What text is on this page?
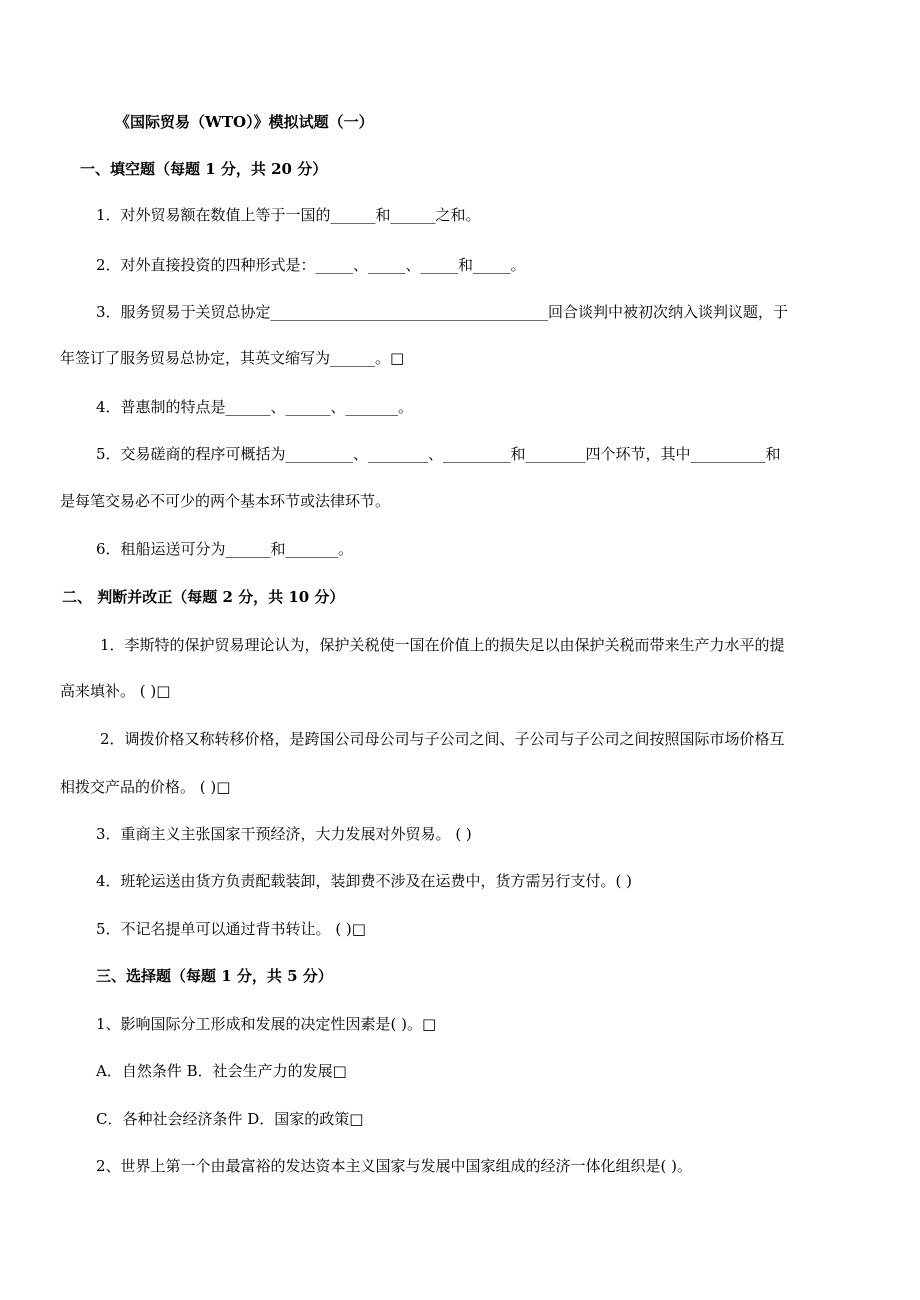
《国际贸易（WTO）》模拟试题（一）
一、填空题（每题 1 分，共 20 分）
1．对外贸易额在数值上等于一国的______和______之和。
2．对外直接投资的四种形式是：_____、_____、_____和_____。
3．服务贸易于关贸总协定_____________________________________回合谈判中被初次纳入谈判议题，于
年签订了服务贸易总协定，其英文缩写为______。□
4．普惠制的特点是______、______、_______。
5．交易磋商的程序可概括为_________、________、_________和________四个环节，其中__________和
是每笔交易必不可少的两个基本环节或法律环节。
6．租船运送可分为______和_______。
二、 判断并改正（每题 2 分，共 10 分）
1．李斯特的保护贸易理论认为，保护关税使一国在价值上的损失足以由保护关税而带来生产力水平的提
高来填补。 ( )□
2．调拨价格又称转移价格，是跨国公司母公司与子公司之间、子公司与子公司之间按照国际市场价格互
相拨交产品的价格。 ( )□
3．重商主义主张国家干预经济，大力发展对外贸易。 ( )
4．班轮运送由货方负责配载装卸，装卸费不涉及在运费中，货方需另行支付。( )
5．不记名提单可以通过背书转让。 ( )□
三、选择题（每题 1 分，共 5 分）
1、影响国际分工形成和发展的决定性因素是( )。□
A．自然条件 B．社会生产力的发展□
C．各种社会经济条件 D．国家的政策□
2、世界上第一个由最富裕的发达资本主义国家与发展中国家组成的经济一体化组织是( )。
